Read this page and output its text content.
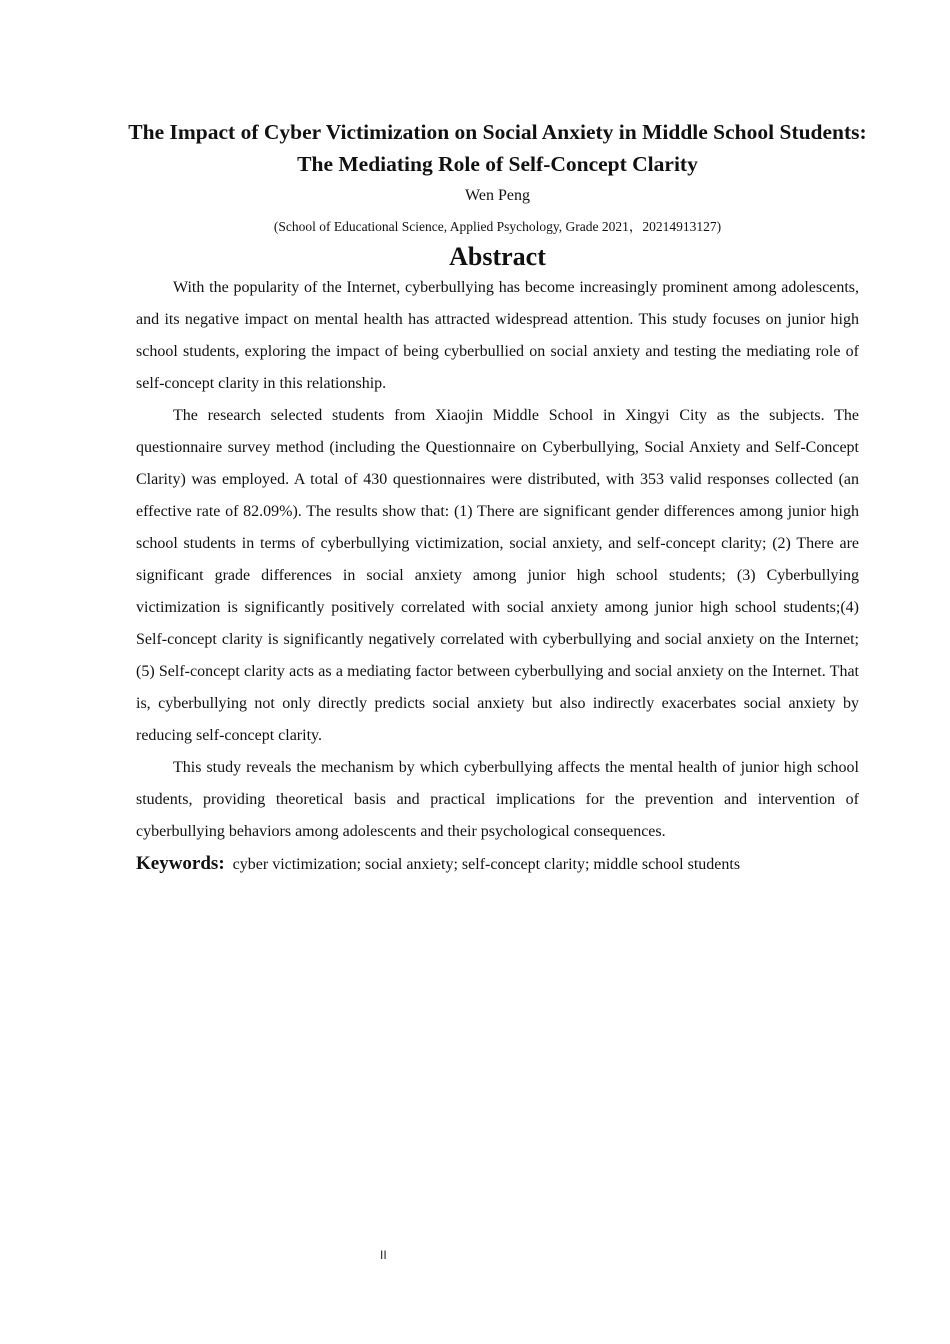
The Impact of Cyber Victimization on Social Anxiety in Middle School Students: The Mediating Role of Self-Concept Clarity
Wen Peng
(School of Educational Science, Applied Psychology, Grade 2021，20214913127)
Abstract

With the popularity of the Internet, cyberbullying has become increasingly prominent among adolescents, and its negative impact on mental health has attracted widespread attention. This study focuses on junior high school students, exploring the impact of being cyberbullied on social anxiety and testing the mediating role of self-concept clarity in this relationship.

The research selected students from Xiaojin Middle School in Xingyi City as the subjects. The questionnaire survey method (including the Questionnaire on Cyberbullying, Social Anxiety and Self-Concept Clarity) was employed. A total of 430 questionnaires were distributed, with 353 valid responses collected (an effective rate of 82.09%). The results show that: (1) There are significant gender differences among junior high school students in terms of cyberbullying victimization, social anxiety, and self-concept clarity; (2) There are significant grade differences in social anxiety among junior high school students; (3) Cyberbullying victimization is significantly positively correlated with social anxiety among junior high school students;(4) Self-concept clarity is significantly negatively correlated with cyberbullying and social anxiety on the Internet; (5) Self-concept clarity acts as a mediating factor between cyberbullying and social anxiety on the Internet. That is, cyberbullying not only directly predicts social anxiety but also indirectly exacerbates social anxiety by reducing self-concept clarity.

This study reveals the mechanism by which cyberbullying affects the mental health of junior high school students, providing theoretical basis and practical implications for the prevention and intervention of cyberbullying behaviors among adolescents and their psychological consequences.

Keywords: cyber victimization; social anxiety; self-concept clarity; middle school students
II
